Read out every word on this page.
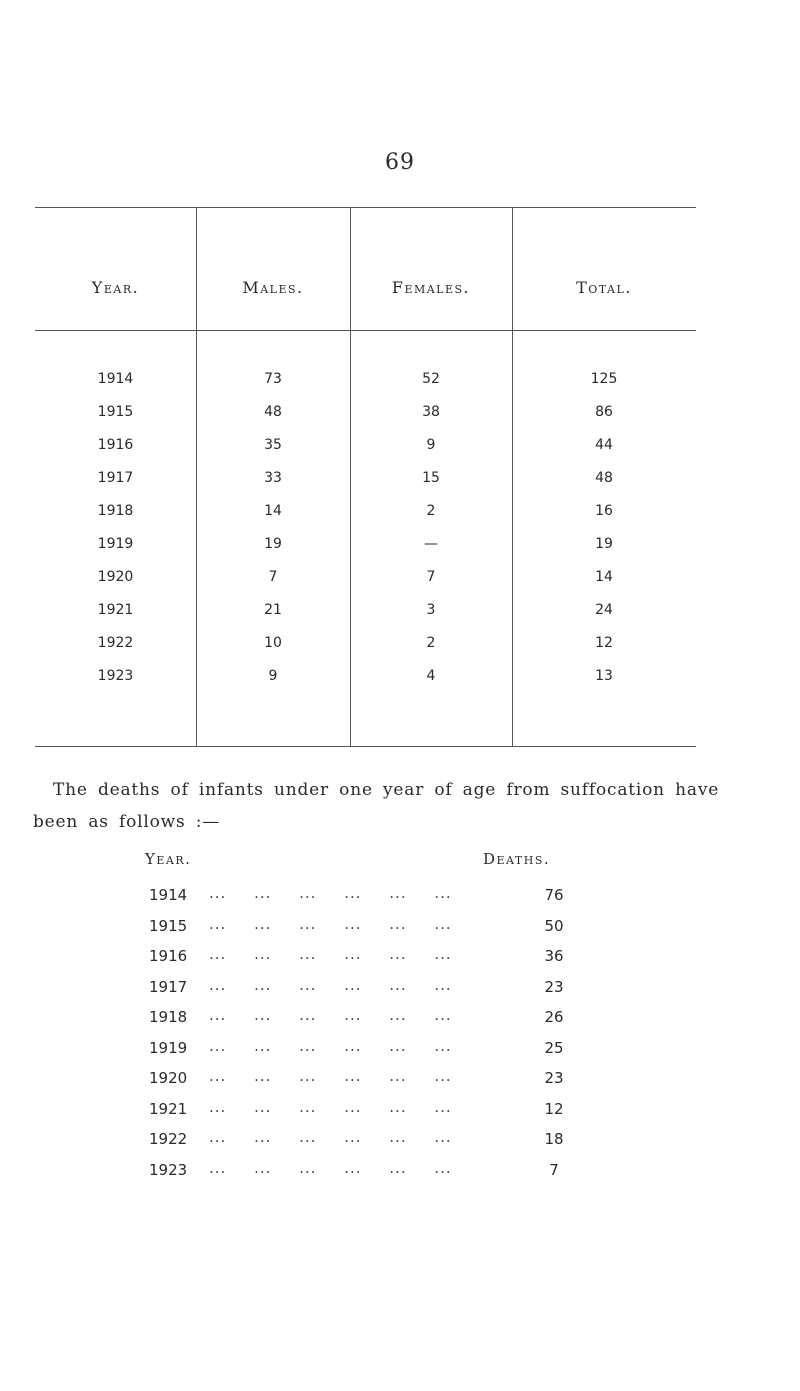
69
Year.	Males.	Females.	Total.
1914	73	52	125
1915	48	38	86
1916	35	9	44
1917	33	15	48
1918	14	2	16
1919	19	—	19
1920	7	7	14
1921	21	3	24
1922	10	2	12
1923	9	4	13
The deaths of infants under one year of age from suffocation have
been as follows :—
Year.	Deaths.
1914 ... ... ... ... ... ...	76
1915 ... ... ... ... ... ...	50
1916 ... ... ... ... ... ...	36
1917 ... ... ... ... ... ...	23
1918 ... ... ... ... ... ...	26
1919 ... ... ... ... ... ...	25
1920 ... ... ... ... ... ...	23
1921 ... ... ... ... ... ...	12
1922 ... ... ... ... ... ...	18
1923 ... ... ... ... ... ...	7
